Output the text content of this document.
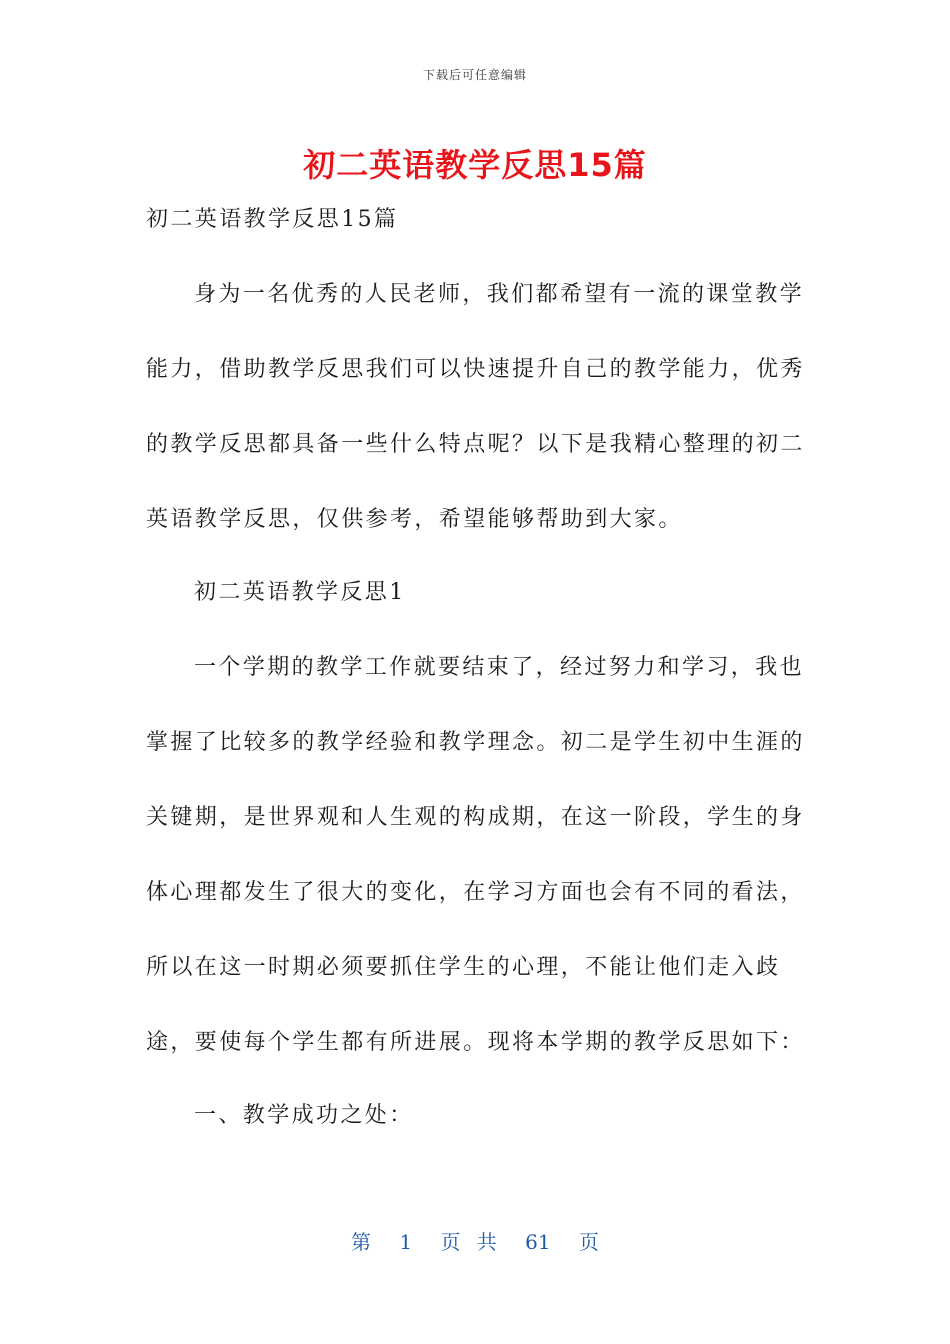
下载后可任意编辑
初二英语教学反思15篇

初二英语教学反思15篇

身为一名优秀的人民老师，我们都希望有一流的课堂教学能力，借助教学反思我们可以快速提升自己的教学能力，优秀的教学反思都具备一些什么特点呢？以下是我精心整理的初二英语教学反思，仅供参考，希望能够帮助到大家。

初二英语教学反思1

一个学期的教学工作就要结束了，经过努力和学习，我也掌握了比较多的教学经验和教学理念。初二是学生初中生涯的关键期，是世界观和人生观的构成期，在这一阶段，学生的身体心理都发生了很大的变化，在学习方面也会有不同的看法，所以在这一时期必须要抓住学生的心理，不能让他们走入歧途，要使每个学生都有所进展。现将本学期的教学反思如下：

一、教学成功之处：

第 1 页 共 61 页
